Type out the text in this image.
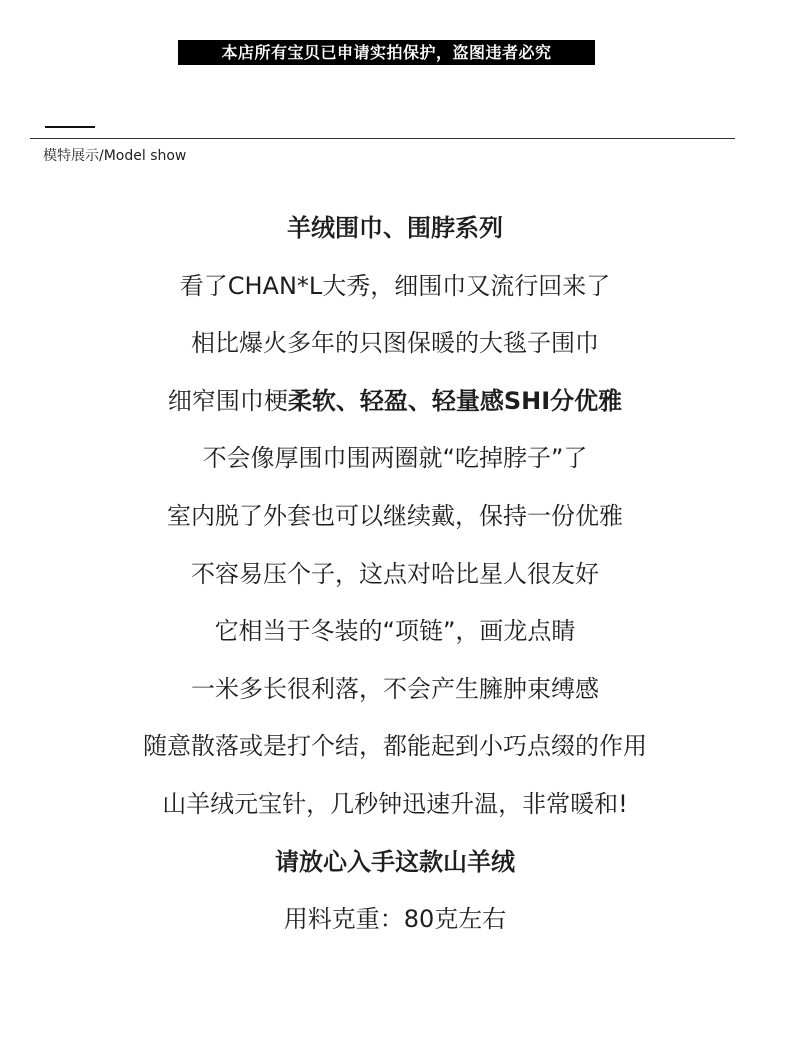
本店所有宝贝已申请实拍保护，盗图违者必究
模特展示/Model show
羊绒围巾、围脖系列
看了CHAN*L大秀，细围巾又流行回来了
相比爆火多年的只图保暖的大毯子围巾
细窄围巾梗柔软、轻盈、轻量感SHI分优雅
不会像厚围巾围两圈就“吃掉脖子”了
室内脱了外套也可以继续戴，保持一份优雅
不容易压个子，这点对哈比星人很友好
它相当于冬装的“项链”，画龙点睛
一米多长很利落，不会产生臃肿束缚感
随意散落或是打个结，都能起到小巧点缀的作用
山羊绒元宝针，几秒钟迅速升温，非常暖和!
请放心入手这款山羊绒
用料克重：80克左右
